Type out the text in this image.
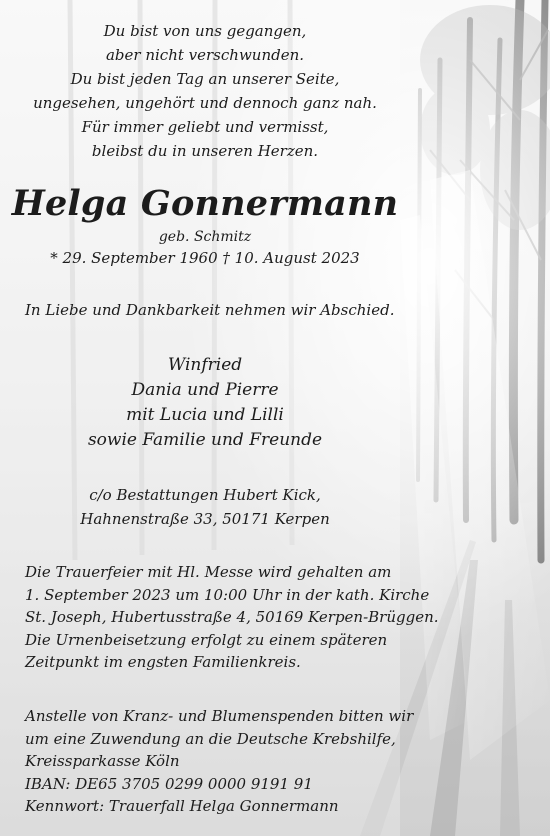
Du bist von uns gegangen,
aber nicht verschwunden.
Du bist jeden Tag an unserer Seite,
ungesehen, ungehört und dennoch ganz nah.
Für immer geliebt und vermisst,
bleibst du in unseren Herzen.
Helga Gonnermann
geb. Schmitz
* 29. September 1960 † 10. August 2023
In Liebe und Dankbarkeit nehmen wir Abschied.
Winfried
Dania und Pierre
mit Lucia und Lilli
sowie Familie und Freunde
c/o Bestattungen Hubert Kick,
Hahnenstraße 33, 50171 Kerpen
Die Trauerfeier mit Hl. Messe wird gehalten am
1. September 2023 um 10:00 Uhr in der kath. Kirche
St. Joseph, Hubertusstraße 4, 50169 Kerpen-Brüggen.
Die Urnenbeisetzung erfolgt zu einem späteren
Zeitpunkt im engsten Familienkreis.
Anstelle von Kranz- und Blumenspenden bitten wir
um eine Zuwendung an die Deutsche Krebshilfe,
Kreissparkasse Köln
IBAN: DE65 3705 0299 0000 9191 91
Kennwort: Trauerfall Helga Gonnermann
